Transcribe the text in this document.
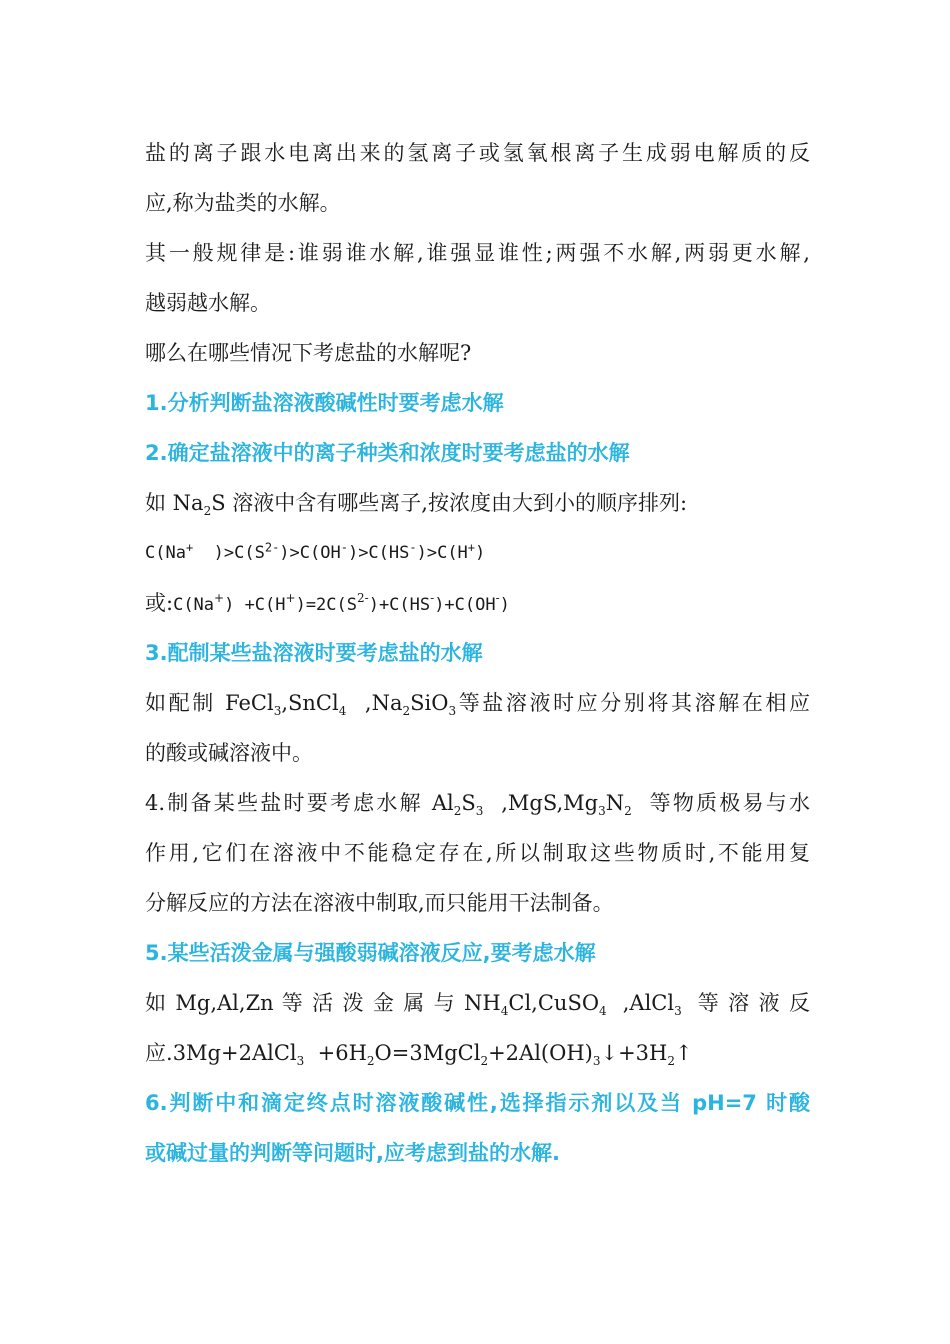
盐的离子跟水电离出来的氢离子或氢氧根离子生成弱电解质的反
应,称为盐类的水解。
其一般规律是:谁弱谁水解,谁强显谁性;两强不水解,两弱更水解,
越弱越水解。
哪么在哪些情况下考虑盐的水解呢?
1.分析判断盐溶液酸碱性时要考虑水解
2.确定盐溶液中的离子种类和浓度时要考虑盐的水解
如 $Na_2S$ 溶液中含有哪些离子,按浓度由大到小的顺序排列:
C(Na+  )$>C(S^{2-})>C(OH^-)>C(HS^-)>C(H^+)$
或:C(Na+) $+C(H^+)=2C(S^{2-})+C(HS^-)+C(OH^-)$
3.配制某些盐溶液时要考虑盐的水解
如配制 FeCl$_3$,SnCl$_4$  $,Na_2SiO_3$等盐溶液时应分别将其溶解在相应
的酸或碱溶液中。
4.制备某些盐时要考虑水解 $Al_2S_3$  $,MgS,Mg_3N_2$  等物质极易与水
作用,它们在溶液中不能稳定存在,所以制取这些物质时,不能用复
分解反应的方法在溶液中制取,而只能用干法制备。
5.某些活泼金属与强酸弱碱溶液反应,要考虑水解
如 Mg,Al,Zn 等 活 泼 金 属 与 $NH_4Cl,CuSO_4$  ,AlCl$_3$  等 溶 液 反
应.3Mg+2AlCl$_3$  $+6H_2O=3MgCl_2+2Al(OH)_3↓+3H_2↑$
6.判断中和滴定终点时溶液酸碱性,选择指示剂以及当 pH=7 时酸
或碱过量的判断等问题时,应考虑到盐的水解.
